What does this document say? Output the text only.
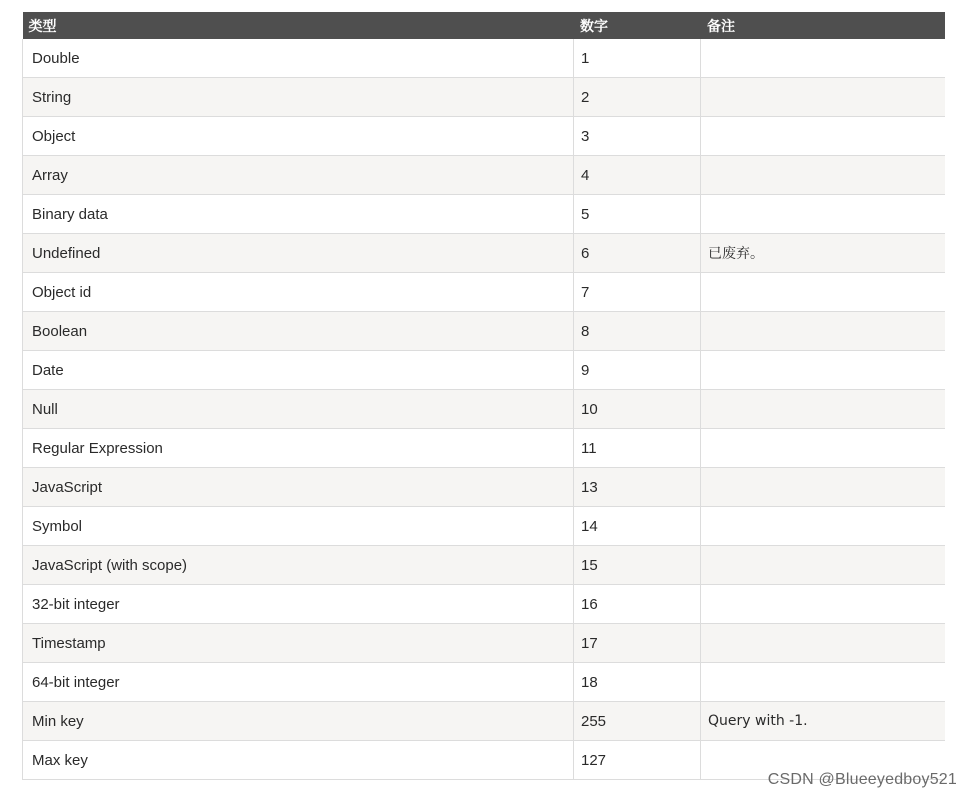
类型	数字	备注
Double	1	
String	2	
Object	3	
Array	4	
Binary data	5	
Undefined	6	已废弃。
Object id	7	
Boolean	8	
Date	9	
Null	10	
Regular Expression	11	
JavaScript	13	
Symbol	14	
JavaScript (with scope)	15	
32-bit integer	16	
Timestamp	17	
64-bit integer	18	
Min key	255	Query with -1.
Max key	127	
CSDN @Blueeyedboy521
